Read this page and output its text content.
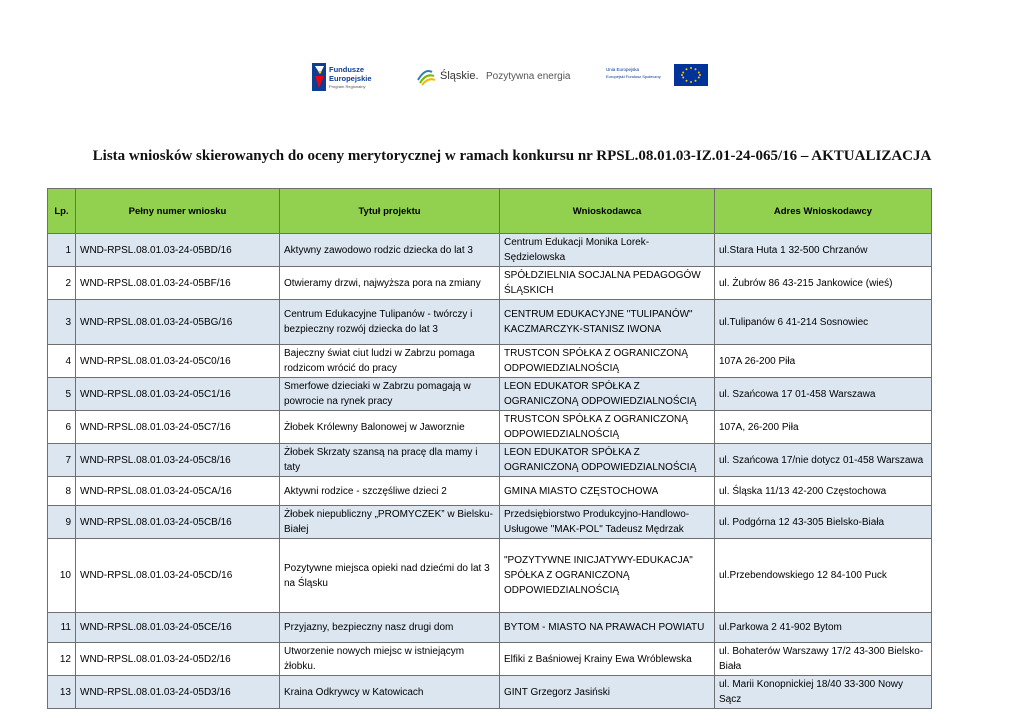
Fundusze
Europejskie
Program Regionalny
Śląskie. Pozytywna energia
Unia Europejska
Europejski Fundusz Społeczny
Lista wniosków skierowanych do oceny merytorycznej w ramach konkursu nr RPSL.08.01.03-IZ.01-24-065/16 – AKTUALIZACJA
Lp.	Pełny numer wniosku	Tytuł projektu	Wnioskodawca	Adres Wnioskodawcy
1	WND-RPSL.08.01.03-24-05BD/16	Aktywny zawodowo rodzic dziecka do lat 3	Centrum Edukacji Monika Lorek-Sędzielowska	ul.Stara Huta 1 32-500 Chrzanów
2	WND-RPSL.08.01.03-24-05BF/16	Otwieramy drzwi, najwyższa pora na zmiany	SPÓŁDZIELNIA SOCJALNA PEDAGOGÓW ŚLĄSKICH	ul. Żubrów 86 43-215 Jankowice (wieś)
3	WND-RPSL.08.01.03-24-05BG/16	Centrum Edukacyjne Tulipanów - twórczy i bezpieczny rozwój dziecka do lat 3	CENTRUM EDUKACYJNE "TULIPANÓW" KACZMARCZYK-STANISZ IWONA	ul.Tulipanów 6 41-214 Sosnowiec
4	WND-RPSL.08.01.03-24-05C0/16	Bajeczny świat ciut ludzi w Zabrzu pomaga rodzicom wrócić do pracy	TRUSTCON SPÓŁKA Z OGRANICZONĄ ODPOWIEDZIALNOŚCIĄ	107A 26-200 Piła
5	WND-RPSL.08.01.03-24-05C1/16	Smerfowe dzieciaki w Zabrzu pomagają w powrocie na rynek pracy	LEON EDUKATOR SPÓŁKA Z OGRANICZONĄ ODPOWIEDZIALNOŚCIĄ	ul. Szańcowa 17 01-458 Warszawa
6	WND-RPSL.08.01.03-24-05C7/16	Żłobek Królewny Balonowej w Jaworznie	TRUSTCON SPÓŁKA Z OGRANICZONĄ ODPOWIEDZIALNOŚCIĄ	107A, 26-200 Piła
7	WND-RPSL.08.01.03-24-05C8/16	Żłobek Skrzaty szansą na pracę dla mamy i taty	LEON EDUKATOR SPÓŁKA Z OGRANICZONĄ ODPOWIEDZIALNOŚCIĄ	ul. Szańcowa 17/nie dotycz 01-458 Warszawa
8	WND-RPSL.08.01.03-24-05CA/16	Aktywni rodzice - szczęśliwe dzieci 2	GMINA MIASTO CZĘSTOCHOWA	ul. Śląska 11/13 42-200 Częstochowa
9	WND-RPSL.08.01.03-24-05CB/16	Żłobek niepubliczny „PROMYCZEK” w Bielsku-Białej	Przedsiębiorstwo Produkcyjno-Handlowo-Usługowe "MAK-POL" Tadeusz Mędrzak	ul. Podgórna 12 43-305 Bielsko-Biała
10	WND-RPSL.08.01.03-24-05CD/16	Pozytywne miejsca opieki nad dziećmi do lat 3 na Śląsku	"POZYTYWNE INICJATYWY-EDUKACJA" SPÓŁKA Z OGRANICZONĄ ODPOWIEDZIALNOŚCIĄ	ul.Przebendowskiego 12 84-100 Puck
11	WND-RPSL.08.01.03-24-05CE/16	Przyjazny, bezpieczny nasz drugi dom	BYTOM - MIASTO NA PRAWACH POWIATU	ul.Parkowa 2 41-902 Bytom
12	WND-RPSL.08.01.03-24-05D2/16	Utworzenie nowych miejsc w istniejącym żłobku.	Elfiki z Baśniowej Krainy Ewa Wróblewska	ul. Bohaterów Warszawy 17/2 43-300 Bielsko-Biała
13	WND-RPSL.08.01.03-24-05D3/16	Kraina Odkrywcy w Katowicach	GINT Grzegorz Jasiński	ul. Marii Konopnickiej 18/40 33-300 Nowy Sącz
